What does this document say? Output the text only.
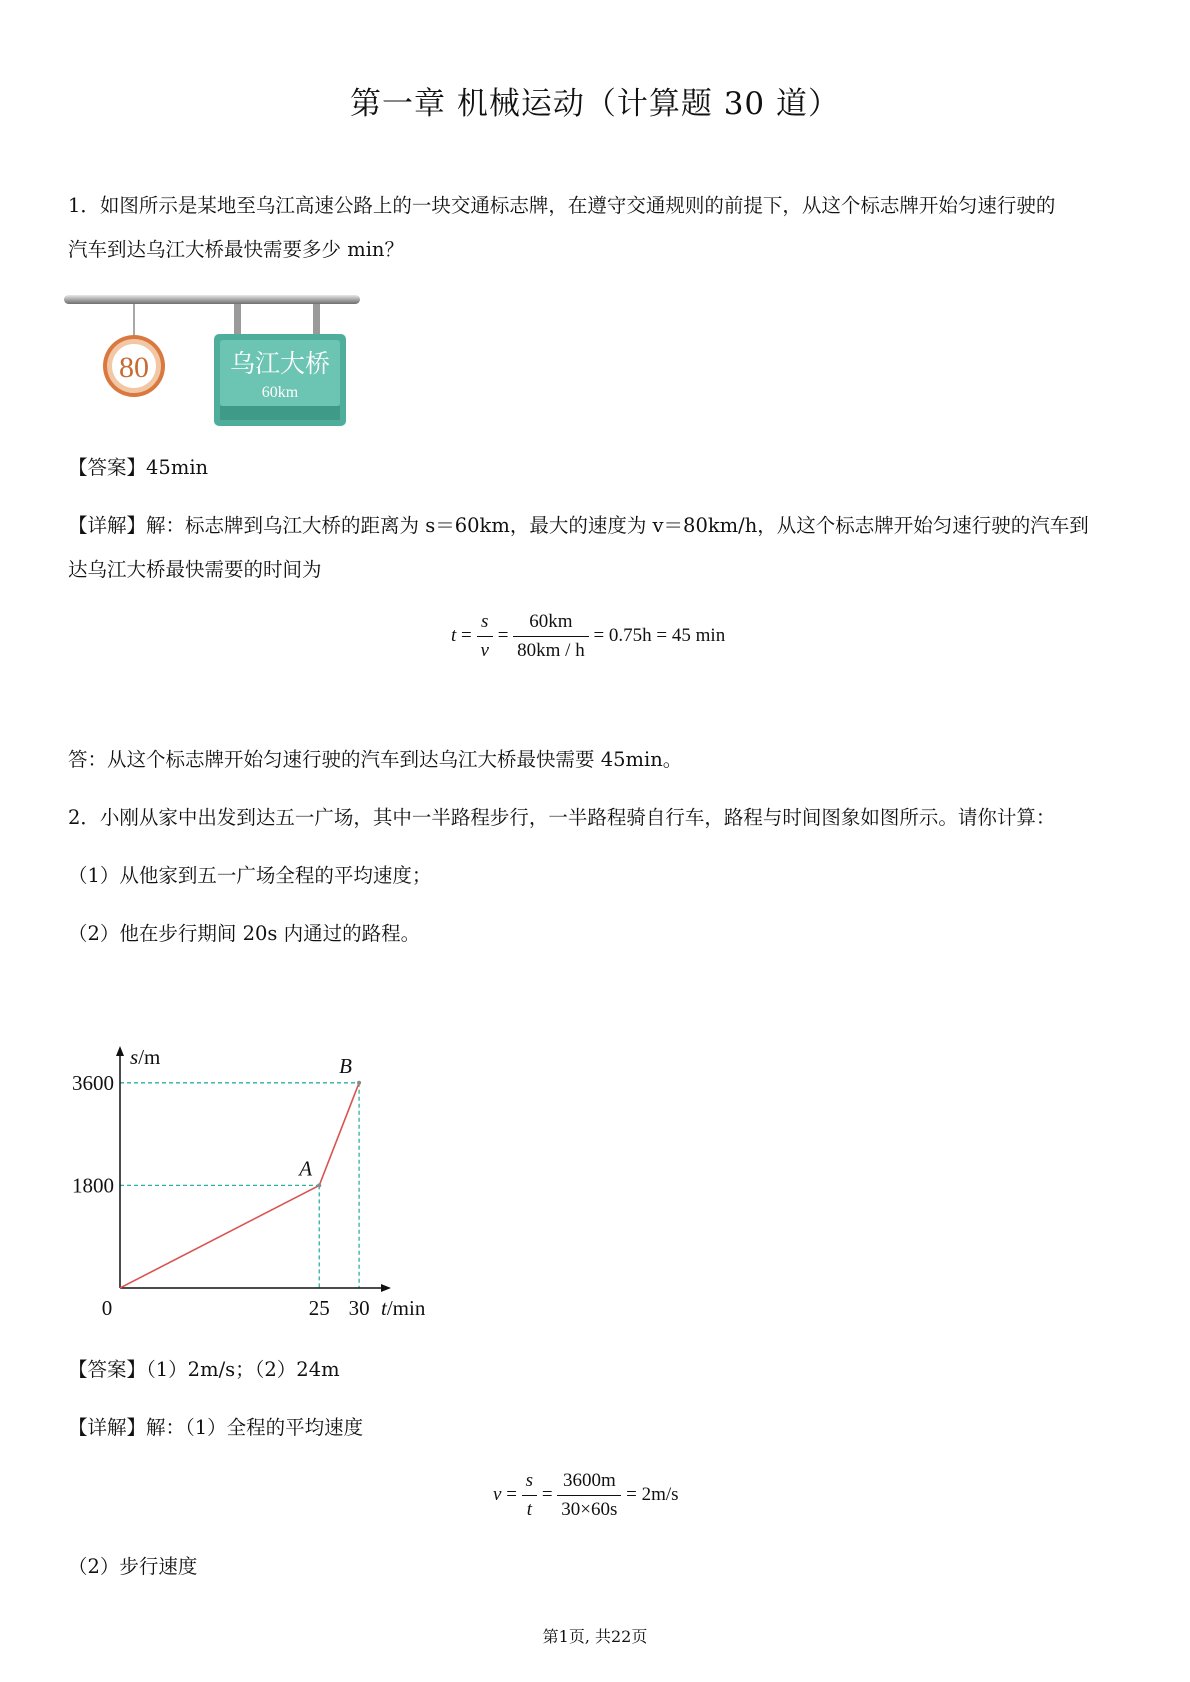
第一章 机械运动（计算题 30 道）
1．如图所示是某地至乌江高速公路上的一块交通标志牌，在遵守交通规则的前提下，从这个标志牌开始匀速行驶的
汽车到达乌江大桥最快需要多少 min？
80	乌江大桥
60km
【答案】45min
【详解】解：标志牌到乌江大桥的距离为 s＝60km，最大的速度为 v＝80km/h，从这个标志牌开始匀速行驶的汽车到
达乌江大桥最快需要的时间为
$t = \frac{s}{v} = \frac{60km}{80km / h} = 0.75h = 45$ min
答：从这个标志牌开始匀速行驶的汽车到达乌江大桥最快需要 45min。
2．小刚从家中出发到达五一广场，其中一半路程步行，一半路程骑自行车，路程与时间图象如图所示。请你计算：
（1）从他家到五一广场全程的平均速度；
（2）他在步行期间 20s 内通过的路程。
1800
3600
0	25 30
s/m
t/min
A
B
【答案】（1）2m/s；（2）24m
【详解】解：（1）全程的平均速度
$v = \frac{s}{t} = \frac{3600m}{30\times 60s} = 2m/s$
（2）步行速度
第1页, 共22页
